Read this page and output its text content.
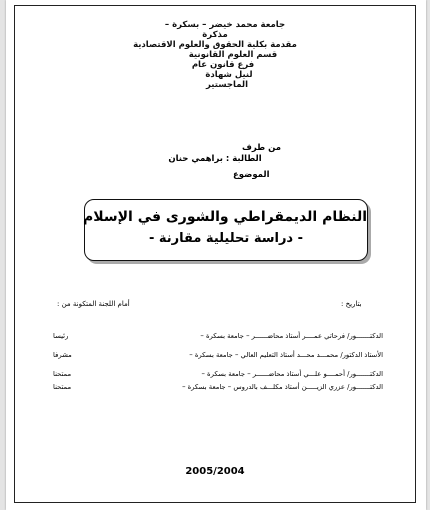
جامعة محمد خيضر – بسكرة –
مذكرة
مقدمة بكلية الحقوق والعلوم الاقتصادية
قسم العلوم القانونية
فرع قانون عام
لنيل شهادة
الماجستير
من طرف
الطالبة : براهمي حنان
الموضوع
النظام الديمقراطي والشورى في الإسلام
- دراسة تحليلية مقارنة -
بتاريخ :
أمام اللجنة المتكونة من :
الدكتـــــــور/ فرحاتي عمــــر أستاذ محاضــــــر – جامعة بسكرة –
رئيسا
الأستاذ الدكتور/ محمـــد محـــد أستاذ التعليم العالي – جامعة بسكرة –
مشرفا
الدكتـــــــور/ أحمــــو علـــي أستاذ محاضــــــر – جامعة بسكرة –
ممتحنا
الدكتـــــــور/ عزري الزيـــــن أستاذ مكلـــف بالدروس – جامعة بسكرة –
ممتحنا
2005/2004
